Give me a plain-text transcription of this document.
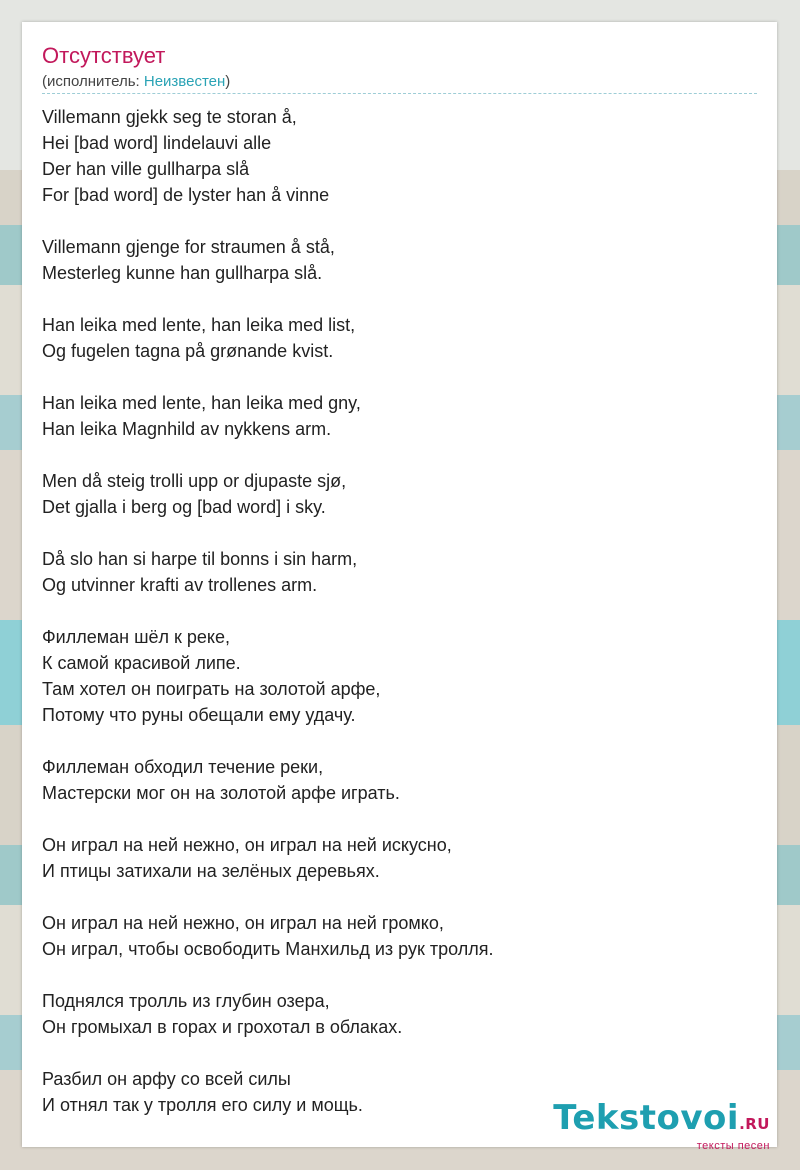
Отсутствует
(исполнитель: Неизвестен)
Villemann gjekk seg te storan å,
Hei [bad word] lindelauvi alle
Der han ville gullharpa slå
For [bad word] de lyster han å vinne
Villemann gjenge for straumen å stå,
Mesterleg kunne han gullharpa slå.
Han leika med lente, han leika med list,
Og fugelen tagna på grønande kvist.
Han leika med lente, han leika med gny,
Han leika Magnhild av nykkens arm.
Men då steig trolli upp or djupaste sjø,
Det gjalla i berg og [bad word] i sky.
Då slo han si harpe til bonns i sin harm,
Og utvinner krafti av trollenes arm.
Филлеман шёл к реке,
К самой красивой липе.
Там хотел он поиграть на золотой арфе,
Потому что руны обещали ему удачу.
Филлеман обходил течение реки,
Мастерски мог он на золотой арфе играть.
Он играл на ней нежно, он играл на ней искусно,
И птицы затихали на зелёных деревьях.
Он играл на ней нежно, он играл на ней громко,
Он играл, чтобы освободить Манхильд из рук тролля.
Поднялся тролль из глубин озера,
Он громыхал в горах и грохотал в облаках.
Разбил он арфу со всей силы
И отнял так у тролля его силу и мощь.	Tekstovoi.RU
тексты песен
